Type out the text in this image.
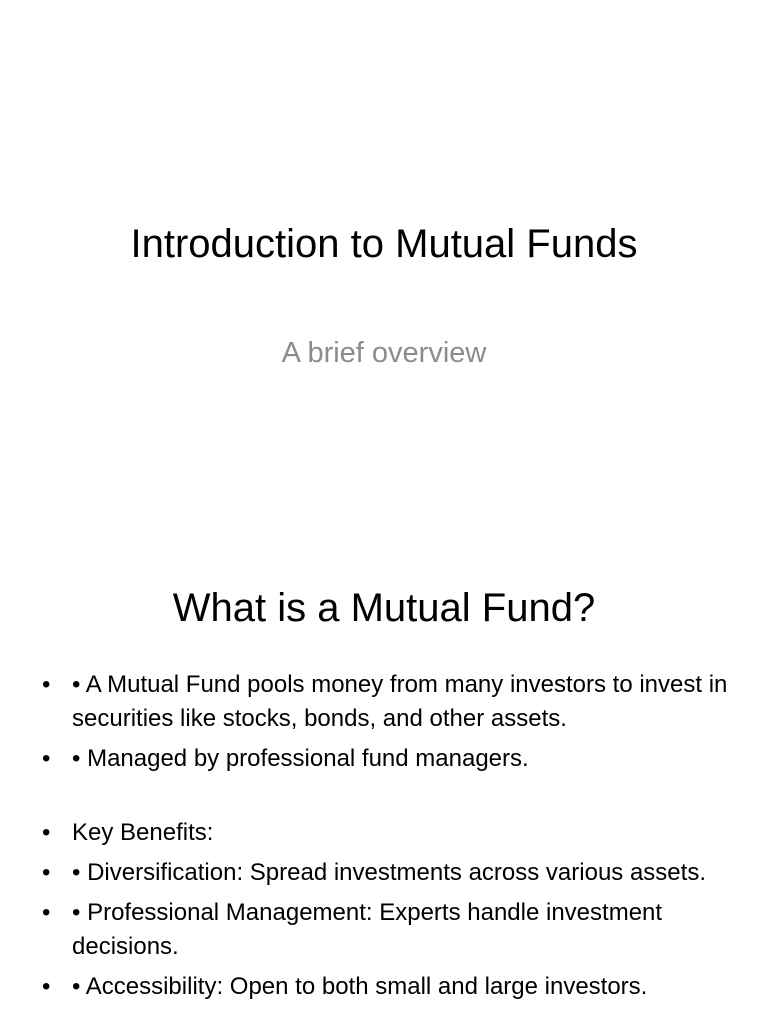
Introduction to Mutual Funds

A brief overview

What is a Mutual Fund?
• • A Mutual Fund pools money from many investors to invest in securities like stocks, bonds, and other assets.
• • Managed by professional fund managers.
• Key Benefits:
• • Diversification: Spread investments across various assets.
• • Professional Management: Experts handle investment decisions.
• • Accessibility: Open to both small and large investors.
